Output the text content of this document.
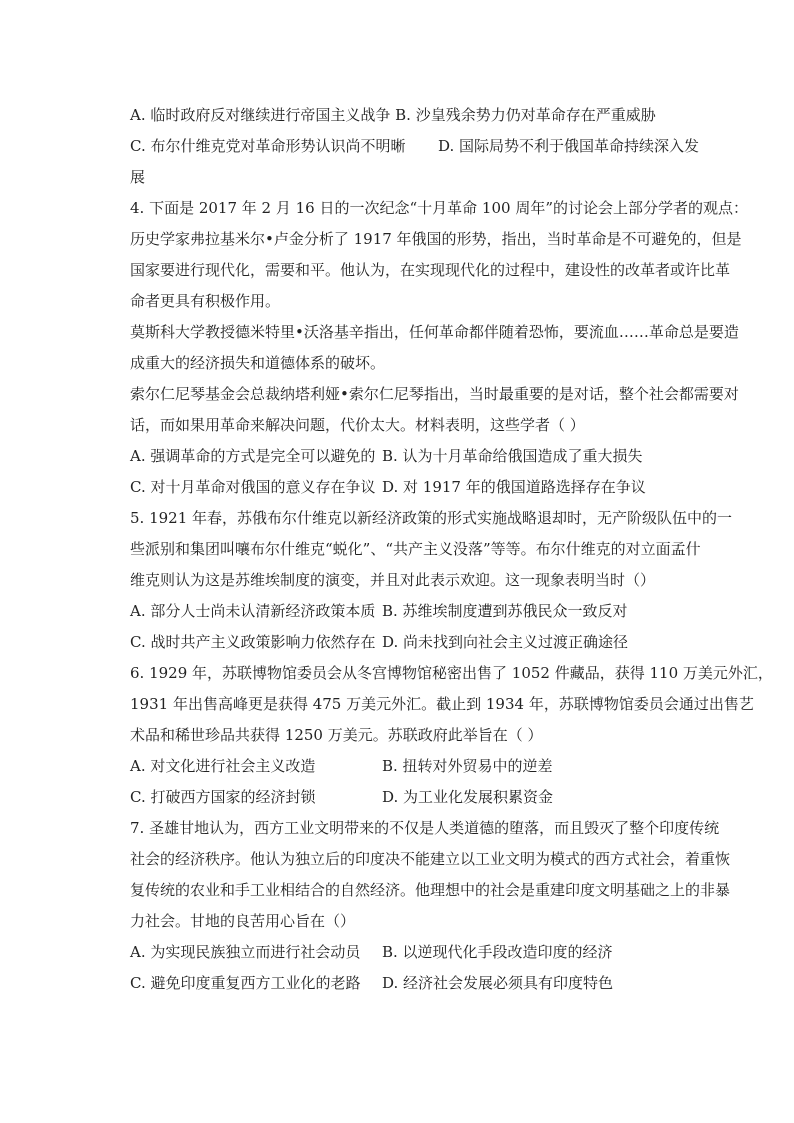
A. 临时政府反对继续进行帝国主义战争 B. 沙皇残余势力仍对革命存在严重威胁
C. 布尔什维克党对革命形势认识尚不明晰	D. 国际局势不利于俄国革命持续深入发
展
4. 下面是 2017 年 2 月 16 日的一次纪念“十月革命 100 周年”的讨论会上部分学者的观点：
历史学家弗拉基米尔•卢金分析了 1917 年俄国的形势，指出，当时革命是不可避免的，但是
国家要进行现代化，需要和平。他认为，在实现现代化的过程中，建设性的改革者或许比革
命者更具有积极作用。
莫斯科大学教授德米特里•沃洛基辛指出，任何革命都伴随着恐怖，要流血……革命总是要造
成重大的经济损失和道德体系的破坏。
索尔仁尼琴基金会总裁纳塔利娅•索尔仁尼琴指出，当时最重要的是对话，整个社会都需要对
话，而如果用革命来解决问题，代价太大。材料表明，这些学者（ ）
A. 强调革命的方式是完全可以避免的 B. 认为十月革命给俄国造成了重大损失
C. 对十月革命对俄国的意义存在争议 D. 对 1917 年的俄国道路选择存在争议
5. 1921 年春，苏俄布尔什维克以新经济政策的形式实施战略退却时，无产阶级队伍中的一
些派别和集团叫嚷布尔什维克“蜕化”、“共产主义没落”等等。布尔什维克的对立面孟什
维克则认为这是苏维埃制度的演变，并且对此表示欢迎。这一现象表明当时（）
A. 部分人士尚未认清新经济政策本质 B. 苏维埃制度遭到苏俄民众一致反对
C. 战时共产主义政策影响力依然存在 D. 尚未找到向社会主义过渡正确途径
6. 1929 年，苏联博物馆委员会从冬宫博物馆秘密出售了 1052 件藏品，获得 110 万美元外汇，
1931 年出售高峰更是获得 475 万美元外汇。截止到 1934 年，苏联博物馆委员会通过出售艺
术品和稀世珍品共获得 1250 万美元。苏联政府此举旨在（ ）
A. 对文化进行社会主义改造	B. 扭转对外贸易中的逆差
C. 打破西方国家的经济封锁	D. 为工业化发展积累资金
7. 圣雄甘地认为，西方工业文明带来的不仅是人类道德的堕落，而且毁灭了整个印度传统
社会的经济秩序。他认为独立后的印度决不能建立以工业文明为模式的西方式社会，着重恢
复传统的农业和手工业相结合的自然经济。他理想中的社会是重建印度文明基础之上的非暴
力社会。甘地的良苦用心旨在（）
A. 为实现民族独立而进行社会动员	B. 以逆现代化手段改造印度的经济
C. 避免印度重复西方工业化的老路	D. 经济社会发展必须具有印度特色
